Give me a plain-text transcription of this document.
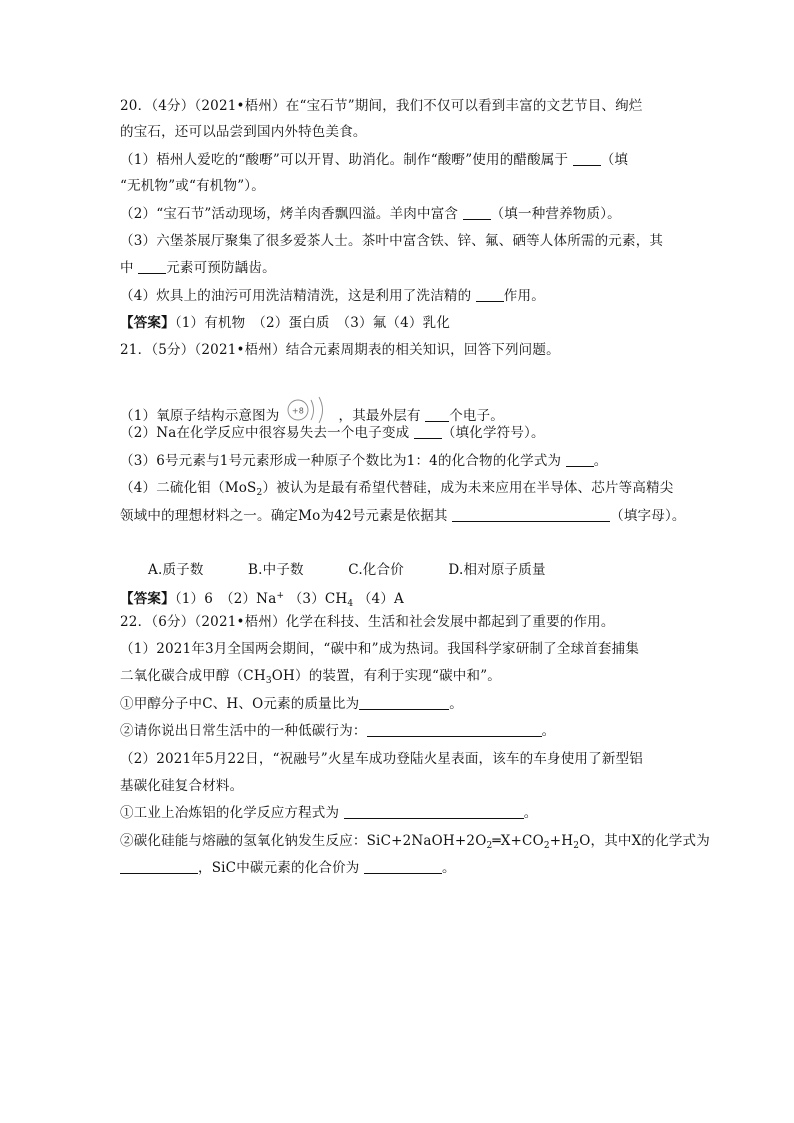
20．（4分）（2021•梧州）在“宝石节”期间，我们不仅可以看到丰富的文艺节目、绚烂
的宝石，还可以品尝到国内外特色美食。
（1）梧州人爱吃的“酸嘢”可以开胃、助消化。制作“酸嘢”使用的醋酸属于 （填
“无机物”或“有机物”）。
（2）“宝石节”活动现场，烤羊肉香飘四溢。羊肉中富含 （填一种营养物质）。
（3）六堡茶展厅聚集了很多爱茶人士。茶叶中富含铁、锌、氟、硒等人体所需的元素，其
中 元素可预防龋齿。
（4）炊具上的油污可用洗洁精清洗，这是利用了洗洁精的 作用。
【答案】（1）有机物　（2）蛋白质　（3）氟（4）乳化
21．（5分）（2021•梧州）结合元素周期表的相关知识，回答下列问题。
（1）氧原子结构示意图为 +8	，其最外层有 个电子。
（2）Na在化学反应中很容易失去一个电子变成 （填化学符号）。
（3）6号元素与1号元素形成一种原子个数比为1：4的化合物的化学式为 。
（4）二硫化钼（MoS$_2$）被认为是最有希望代替硅，成为未来应用在半导体、芯片等高精尖
领域中的理想材料之一。确定Mo为42号元素是依据其	（填字母）。
A.质子数	B.中子数	C.化合价	D.相对原子质量
【答案】（1）6　（2）Na+ $(3)CH_4$ （4）A
22．（6分）（2021•梧州）化学在科技、生活和社会发展中都起到了重要的作用。
（1）2021年3月全国两会期间，“碳中和”成为热词。我国科学家研制了全球首套捕集
二氧化碳合成甲醇$(CH_3OH)$的装置，有利于实现“碳中和”。
①甲醇分子中C、H、O元素的质量比为	。
②请你说出日常生活中的一种低碳行为：	。
（2）2021年5月22日，“祝融号”火星车成功登陆火星表面，该车的车身使用了新型铝
基碳化硅复合材料。
①工业上冶炼铝的化学反应方程式为	。
②碳化硅能与熔融的氢氧化钠发生反应：$SiC+2NaOH+2O_2═X+CO_2+H_2O$，其中X的化学式为
，SiC中碳元素的化合价为	。
